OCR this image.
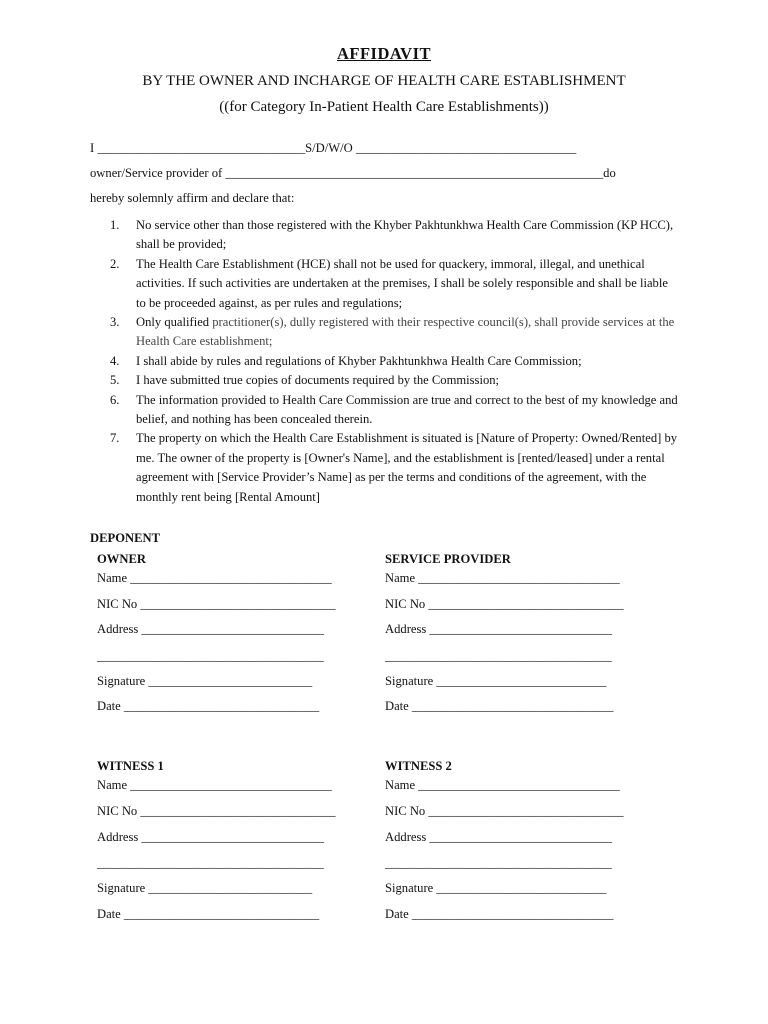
AFFIDAVIT
BY THE OWNER AND INCHARGE OF HEALTH CARE ESTABLISHMENT
((for Category In-Patient Health Care Establishments))
I _________________________________S/D/W/O ___________________________________
owner/Service provider of ____________________________________________________________do
hereby solemnly affirm and declare that:
1.	No service other than those registered with the Khyber Pakhtunkhwa Health Care Commission (KP HCC), shall be provided;
2.	The Health Care Establishment (HCE) shall not be used for quackery, immoral, illegal, and unethical activities. If such activities are undertaken at the premises, I shall be solely responsible and shall be liable to be proceeded against, as per rules and regulations;
3.	Only qualified practitioner(s), dully registered with their respective council(s), shall provide services at the Health Care establishment;
4.	I shall abide by rules and regulations of Khyber Pakhtunkhwa Health Care Commission;
5.	I have submitted true copies of documents required by the Commission;
6.	The information provided to Health Care Commission are true and correct to the best of my knowledge and belief, and nothing has been concealed therein.
7.	The property on which the Health Care Establishment is situated is [Nature of Property: Owned/Rented] by me. The owner of the property is [Owner's Name], and the establishment is [rented/leased] under a rental agreement with [Service Provider’s Name] as per the terms and conditions of the agreement, with the monthly rent being [Rental Amount]
DEPONENT
OWNER
Name ________________________________
NIC No _______________________________
Address _____________________________
____________________________________
Signature __________________________
Date _______________________________
SERVICE PROVIDER
Name ________________________________
NIC No _______________________________
Address _____________________________
____________________________________
Signature ___________________________
Date ________________________________
WITNESS 1
Name ________________________________
NIC No _______________________________
Address _____________________________
____________________________________
Signature __________________________
Date _______________________________
WITNESS 2
Name ________________________________
NIC No _______________________________
Address _____________________________
____________________________________
Signature ___________________________
Date ________________________________
